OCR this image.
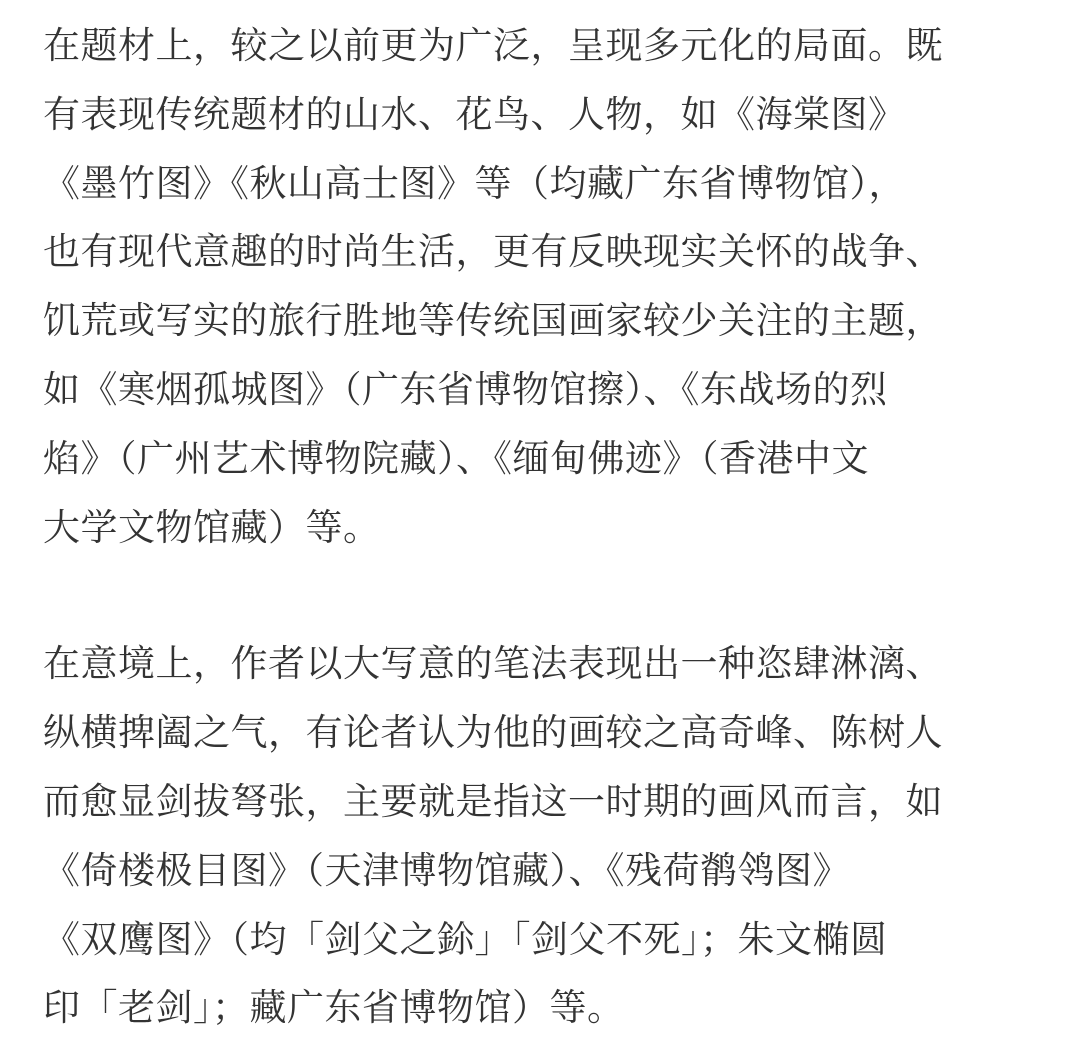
在题材上，较之以前更为广泛，呈现多元化的局面。既
有表现传统题材的山水、花鸟、人物，如《海棠图》
《墨竹图》《秋山高士图》等（均藏广东省博物馆），
也有现代意趣的时尚生活，更有反映现实关怀的战争、
饥荒或写实的旅行胜地等传统国画家较少关注的主题，
如《寒烟孤城图》（广东省博物馆擦）、《东战场的烈
焰》（广州艺术博物院藏）、《缅甸佛迹》（香港中文
大学文物馆藏）等。
在意境上，作者以大写意的笔法表现出一种恣肆淋漓、
纵横捭阖之气，有论者认为他的画较之高奇峰、陈树人
而愈显剑拔弩张，主要就是指这一时期的画风而言，如
《倚楼极目图》（天津博物馆藏）、《残荷鹡鸰图》
《双鹰图》（均「剑父之鉩」「剑父不死」；朱文椭圆
印「老剑」；藏广东省博物馆）等。
